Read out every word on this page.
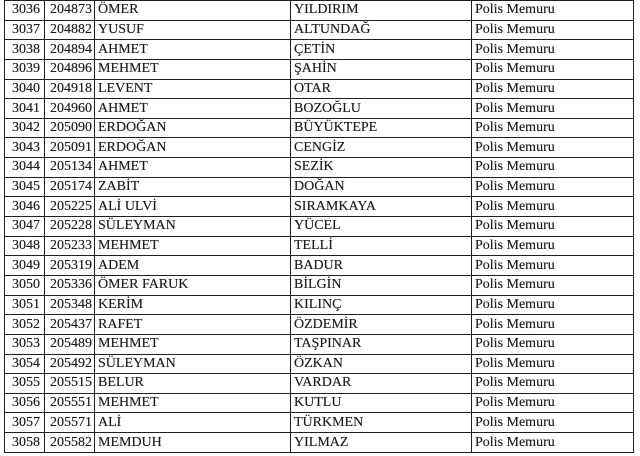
3036	204873	ÖMER	YILDIRIM	Polis Memuru
3037	204882	YUSUF	ALTUNDAĞ	Polis Memuru
3038	204894	AHMET	ÇETİN	Polis Memuru
3039	204896	MEHMET	ŞAHİN	Polis Memuru
3040	204918	LEVENT	OTAR	Polis Memuru
3041	204960	AHMET	BOZOĞLU	Polis Memuru
3042	205090	ERDOĞAN	BÜYÜKTEPE	Polis Memuru
3043	205091	ERDOĞAN	CENGİZ	Polis Memuru
3044	205134	AHMET	SEZİK	Polis Memuru
3045	205174	ZABİT	DOĞAN	Polis Memuru
3046	205225	ALİ ULVİ	SIRAMKAYA	Polis Memuru
3047	205228	SÜLEYMAN	YÜCEL	Polis Memuru
3048	205233	MEHMET	TELLİ	Polis Memuru
3049	205319	ADEM	BADUR	Polis Memuru
3050	205336	ÖMER FARUK	BİLGİN	Polis Memuru
3051	205348	KERİM	KILINÇ	Polis Memuru
3052	205437	RAFET	ÖZDEMİR	Polis Memuru
3053	205489	MEHMET	TAŞPINAR	Polis Memuru
3054	205492	SÜLEYMAN	ÖZKAN	Polis Memuru
3055	205515	BELUR	VARDAR	Polis Memuru
3056	205551	MEHMET	KUTLU	Polis Memuru
3057	205571	ALİ	TÜRKMEN	Polis Memuru
3058	205582	MEMDUH	YILMAZ	Polis Memuru
